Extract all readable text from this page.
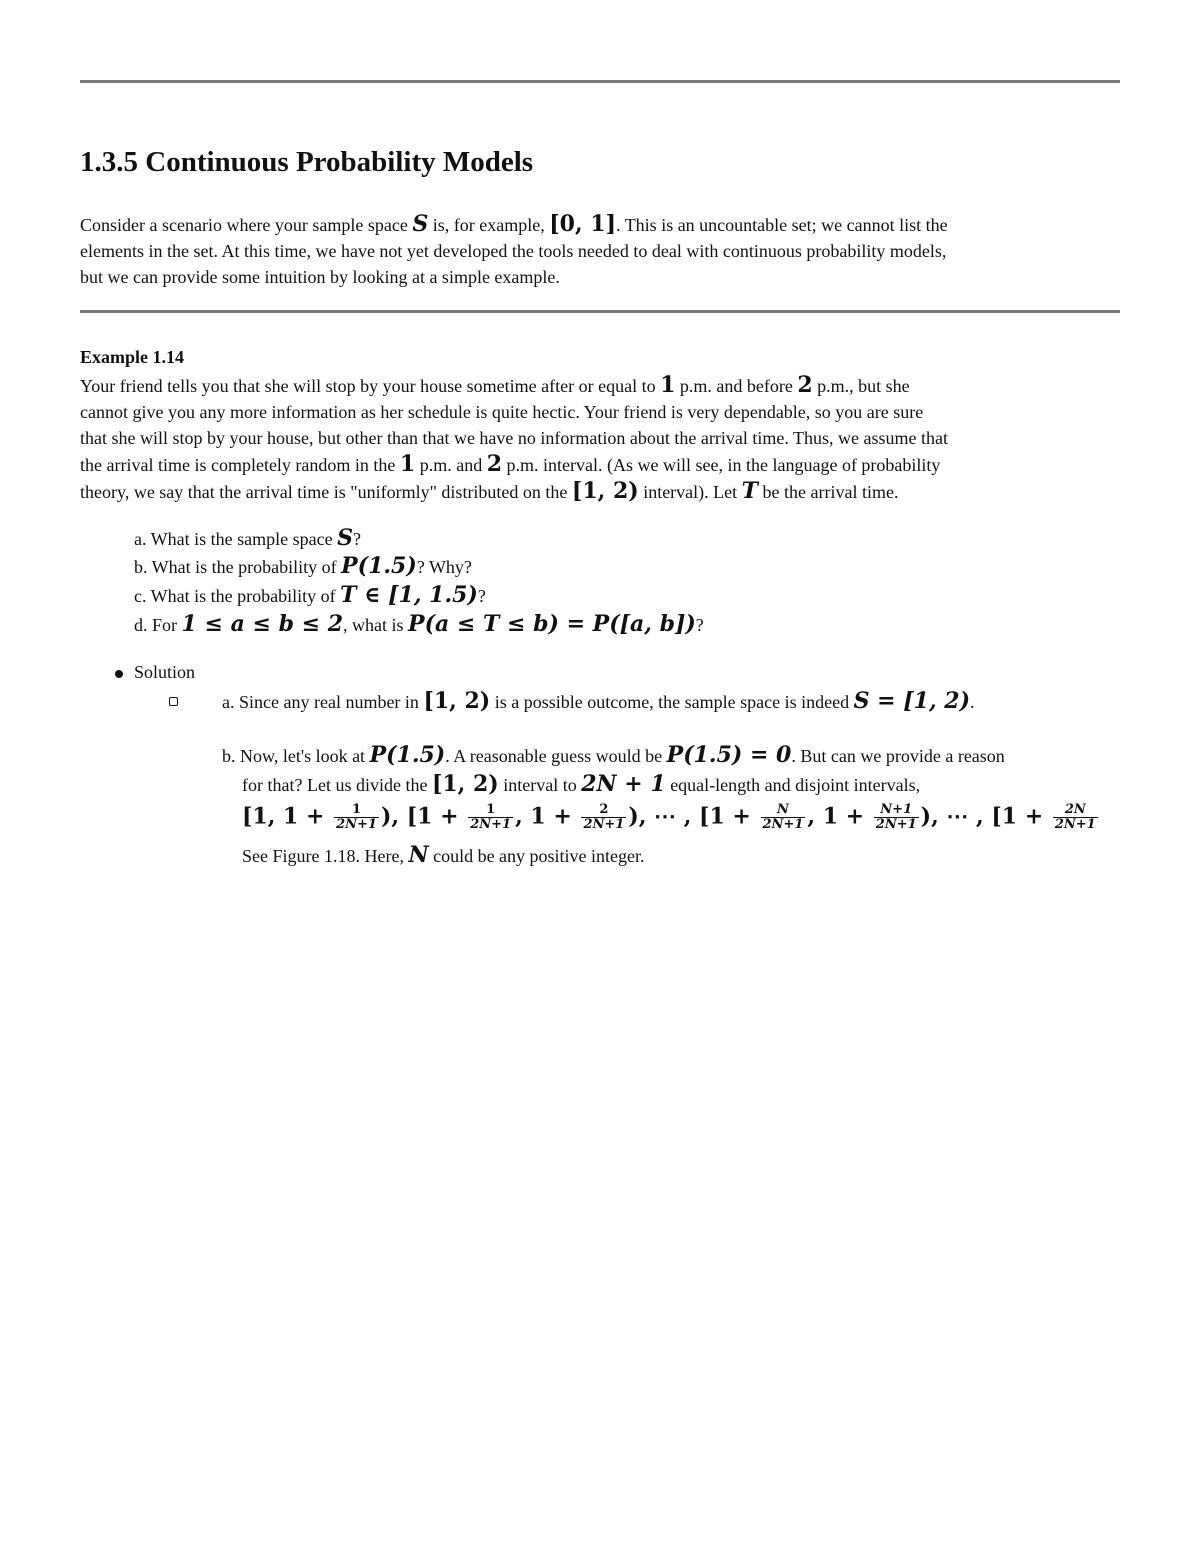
1.3.5 Continuous Probability Models
Consider a scenario where your sample space S is, for example, [0, 1]. This is an uncountable set; we cannot list the
elements in the set. At this time, we have not yet developed the tools needed to deal with continuous probability models,
but we can provide some intuition by looking at a simple example.
Example 1.14
Your friend tells you that she will stop by your house sometime after or equal to 1 p.m. and before 2 p.m., but she
cannot give you any more information as her schedule is quite hectic. Your friend is very dependable, so you are sure
that she will stop by your house, but other than that we have no information about the arrival time. Thus, we assume that
the arrival time is completely random in the 1 p.m. and 2 p.m. interval. (As we will see, in the language of probability
theory, we say that the arrival time is "uniformly" distributed on the [1, 2) interval). Let T be the arrival time.
a. What is the sample space S?
b. What is the probability of P(1.5)? Why?
c. What is the probability of T ∈ [1, 1.5)?
d. For 1 ≤ a ≤ b ≤ 2, what is P(a ≤ T ≤ b) = P([a, b])?
Solution
a. Since any real number in [1, 2) is a possible outcome, the sample space is indeed S = [1, 2).
b. Now, let's look at P(1.5). A reasonable guess would be P(1.5) = 0. But can we provide a reason
for that? Let us divide the [1, 2) interval to 2N + 1 equal-length and disjoint intervals,
[1, $1 + \frac{1}{2N+1}$ ), [$1 + \frac{1}{2N+1}$ , $1 + \frac{2}{2N+1}$ ), ⋯ , [$1 + \frac{N}{2N+1}$ , $1 + \frac{N+1}{2N+1}$ ), ⋯ , [$1 + \frac{2N}{2N+1}$
See Figure 1.18. Here, N could be any positive integer.
